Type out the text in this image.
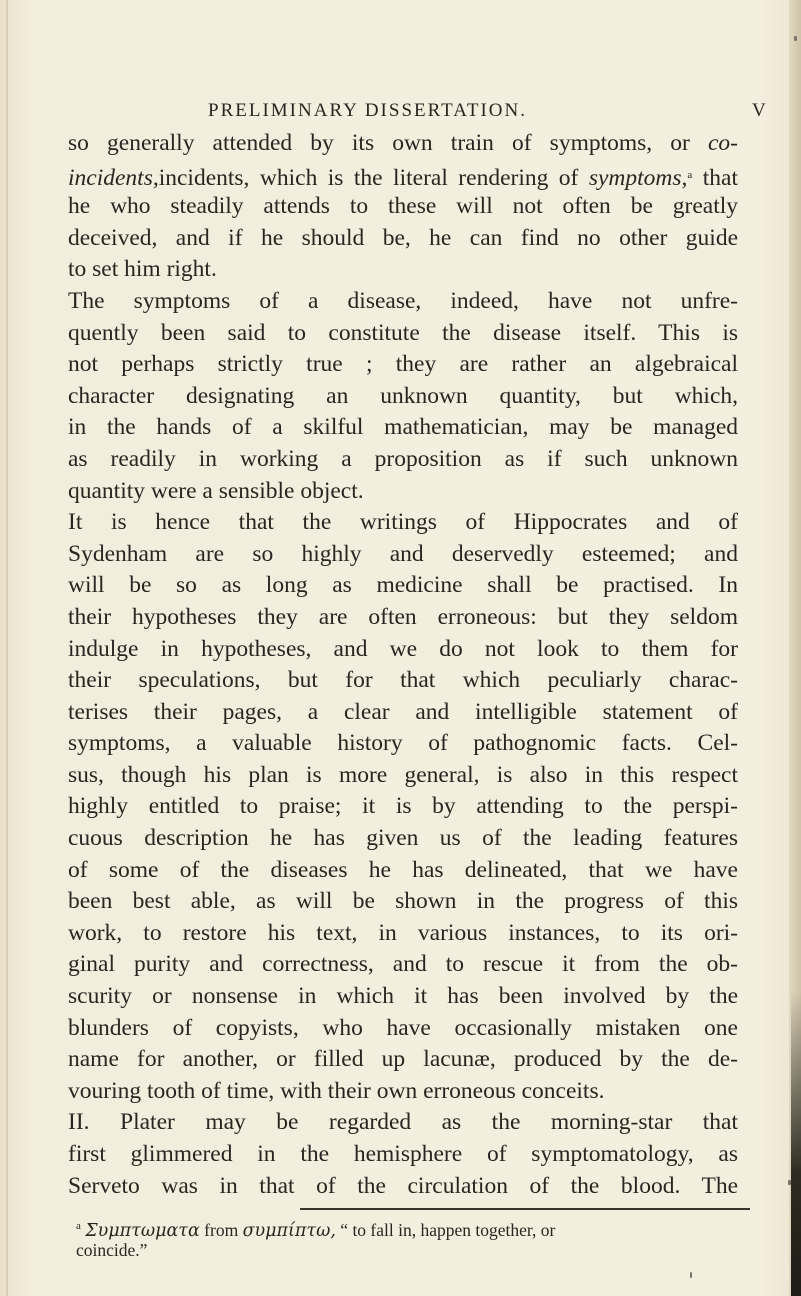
PRELIMINARY DISSERTATION.	V
so generally attended by its own train of symptoms, or co-
incidents,incidents, which is the literal rendering of symptoms,$^a$ that
he who steadily attends to these will not often be greatly
deceived, and if he should be, he can find no other guide
to set him right.
The symptoms of a disease, indeed, have not unfre-
quently been said to constitute the disease itself. This is
not perhaps strictly true ; they are rather an algebraical
character designating an unknown quantity, but which,
in the hands of a skilful mathematician, may be managed
as readily in working a proposition as if such unknown
quantity were a sensible object.
It is hence that the writings of Hippocrates and of
Sydenham are so highly and deservedly esteemed; and
will be so as long as medicine shall be practised. In
their hypotheses they are often erroneous: but they seldom
indulge in hypotheses, and we do not look to them for
their speculations, but for that which peculiarly charac-
terises their pages, a clear and intelligible statement of
symptoms, a valuable history of pathognomic facts. Cel-
sus, though his plan is more general, is also in this respect
highly entitled to praise; it is by attending to the perspi-
cuous description he has given us of the leading features
of some of the diseases he has delineated, that we have
been best able, as will be shown in the progress of this
work, to restore his text, in various instances, to its ori-
ginal purity and correctness, and to rescue it from the ob-
scurity or nonsense in which it has been involved by the
blunders of copyists, who have occasionally mistaken one
name for another, or filled up lacunæ, produced by the de-
vouring tooth of time, with their own erroneous conceits.
II. Plater may be regarded as the morning-star that
first glimmered in the hemisphere of symptomatology, as
Serveto was in that of the circulation of the blood. The
$^a$ Συμπτωματα from συμπίπτω, “ to fall in, happen together, or
coincide.”
